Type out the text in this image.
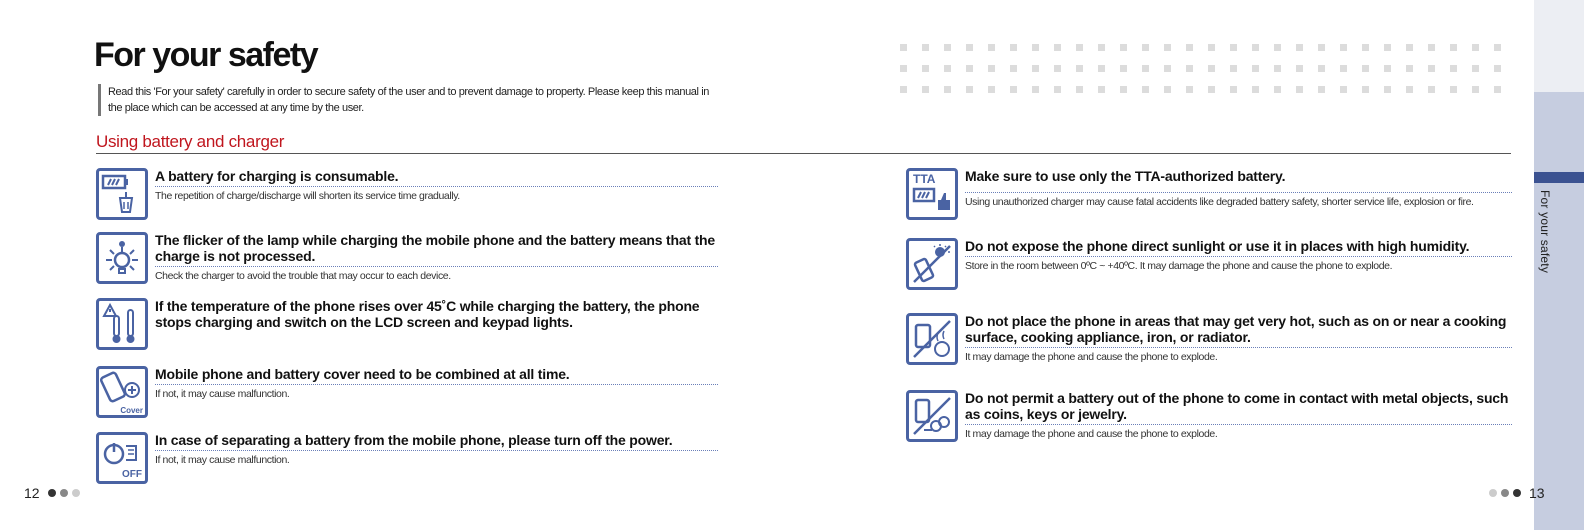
For your safety
Read this 'For your safety' carefully in order to secure safety of the user and to prevent damage to property. Please keep this manual in the place which can be accessed at any time by the user.
Using battery and charger
A battery for charging is consumable.
The repetition of charge/discharge will shorten its service time gradually.
The flicker of the lamp while charging the mobile phone and the battery means that the charge is not processed.
Check the charger to avoid the trouble that may occur to each device.
If the temperature of the phone rises over 45˚C while charging the battery, the phone stops charging and switch on the LCD screen and keypad lights.
Cover
Mobile phone and battery cover need to be combined at all time.
If not, it may cause malfunction.
OFF
In case of separating a battery from the mobile phone, please turn off the power.
If not, it may cause malfunction.
TTA Make sure to use only the TTA-authorized battery.
Using unauthorized charger may cause fatal accidents like degraded battery safety, shorter service life, explosion or fire.
Do not expose the phone direct sunlight or use it in places with high humidity.
Store in the room between 0ºC ~ +40ºC. It may damage the phone and cause the phone to explode.
Do not place the phone in areas that may get very hot, such as on or near a cooking surface, cooking appliance, iron, or radiator.
It may damage the phone and cause the phone to explode.
Do not permit a battery out of the phone to come in contact with metal objects, such as coins, keys or jewelry.
It may damage the phone and cause the phone to explode.
For your safety
12	13
